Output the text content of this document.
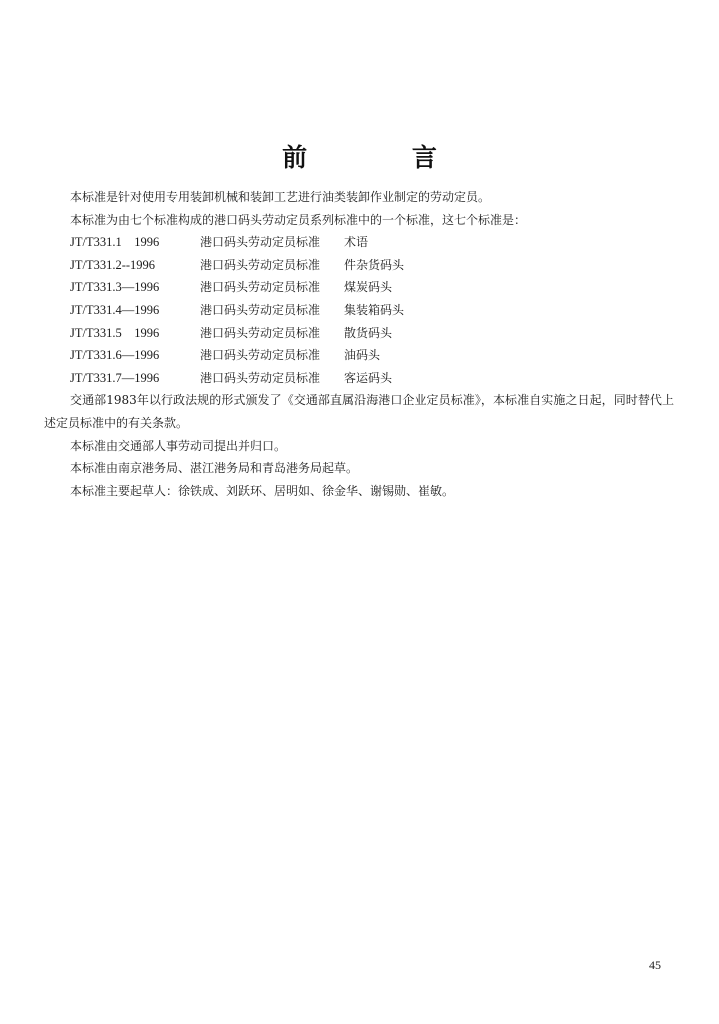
前 言

本标准是针对使用专用装卸机械和装卸工艺进行油类装卸作业制定的劳动定员。

本标准为由七个标准构成的港口码头劳动定员系列标准中的一个标准，这七个标准是：

JT/T331.1　1996	港口码头劳动定员标准	术语
JT/T331.2--1996	港口码头劳动定员标准	件杂货码头
JT/T331.3—1996	港口码头劳动定员标准	煤炭码头
JT/T331.4—1996	港口码头劳动定员标准	集装箱码头
JT/T331.5　1996	港口码头劳动定员标准	散货码头
JT/T331.6—1996	港口码头劳动定员标准	油码头
JT/T331.7—1996	港口码头劳动定员标准	客运码头

交通部1983年以行政法规的形式颁发了《交通部直属沿海港口企业定员标准》，本标准自实施之日起，同时替代上述定员标准中的有关条款。

本标准由交通部人事劳动司提出并归口。

本标准由南京港务局、湛江港务局和青岛港务局起草。

本标准主要起草人：徐铁成、刘跃环、居明如、徐金华、谢锡勋、崔敏。

45
